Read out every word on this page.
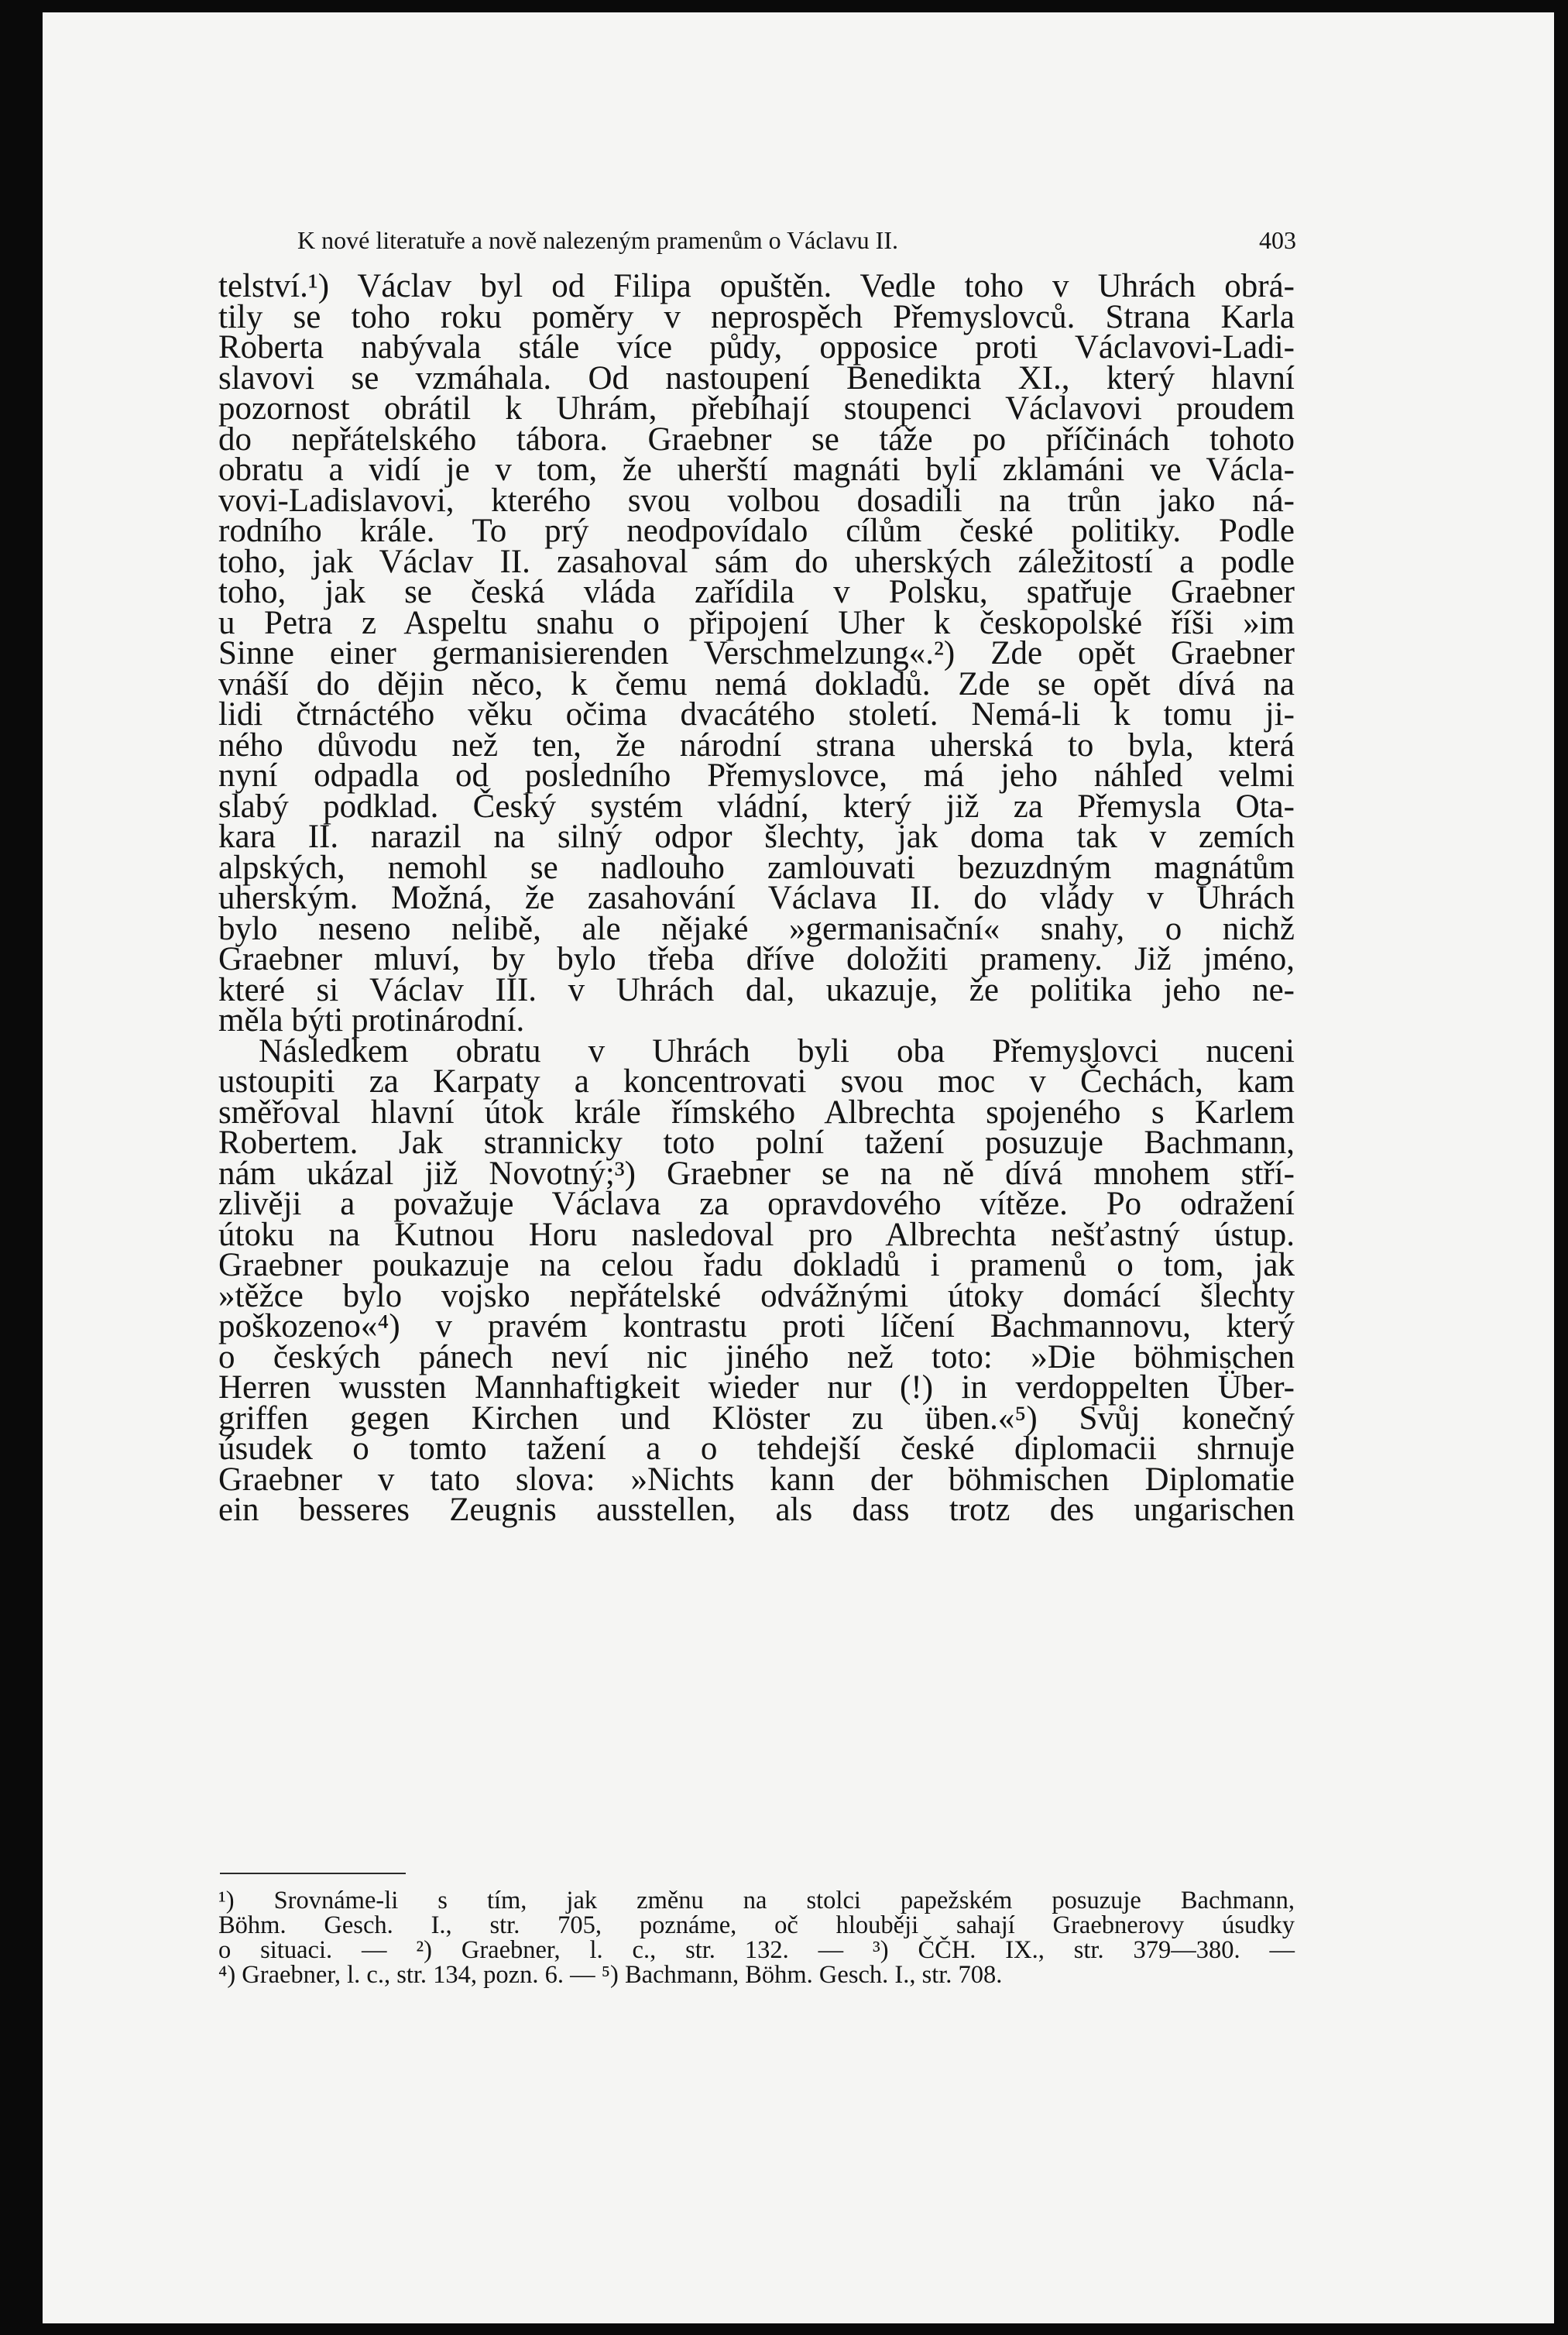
K nové literatuře a nově nalezeným pramenům o Václavu II.	403
telství.¹) Václav byl od Filipa opuštěn. Vedle toho v Uhrách obrá-
tily se toho roku poměry v neprospěch Přemyslovců. Strana Karla
Roberta nabývala stále více půdy, opposice proti Václavovi-Ladi-
slavovi se vzmáhala. Od nastoupení Benedikta XI., který hlavní
pozornost obrátil k Uhrám, přebíhají stoupenci Václavovi proudem
do nepřátelského tábora. Graebner se táže po příčinách tohoto
obratu a vidí je v tom, že uherští magnáti byli zklamáni ve Václa-
vovi-Ladislavovi, kterého svou volbou dosadili na trůn jako ná-
rodního krále. To prý neodpovídalo cílům české politiky. Podle
toho, jak Václav II. zasahoval sám do uherských záležitostí a podle
toho, jak se česká vláda zařídila v Polsku, spatřuje Graebner
u Petra z Aspeltu snahu o připojení Uher k českopolské říši »im
Sinne einer germanisierenden Verschmelzung«.²) Zde opět Graebner
vnáší do dějin něco, k čemu nemá dokladů. Zde se opět dívá na
lidi čtrnáctého věku očima dvacátého století. Nemá-li k tomu ji-
ného důvodu než ten, že národní strana uherská to byla, která
nyní odpadla od posledního Přemyslovce, má jeho náhled velmi
slabý podklad. Český systém vládní, který již za Přemysla Ota-
kara II. narazil na silný odpor šlechty, jak doma tak v zemích
alpských, nemohl se nadlouho zamlouvati bezuzdným magnátům
uherským. Možná, že zasahování Václava II. do vlády v Uhrách
bylo neseno nelibě, ale nějaké »germanisační« snahy, o nichž
Graebner mluví, by bylo třeba dříve doložiti prameny. Již jméno,
které si Václav III. v Uhrách dal, ukazuje, že politika jeho ne-
měla býti protinárodní.
Následkem obratu v Uhrách byli oba Přemyslovci nuceni
ustoupiti za Karpaty a koncentrovati svou moc v Čechách, kam
směřoval hlavní útok krále římského Albrechta spojeného s Karlem
Robertem. Jak strannicky toto polní tažení posuzuje Bachmann,
nám ukázal již Novotný;³) Graebner se na ně dívá mnohem stří-
zlivěji a považuje Václava za opravdového vítěze. Po odražení
útoku na Kutnou Horu nasledoval pro Albrechta nešťastný ústup.
Graebner poukazuje na celou řadu dokladů i pramenů o tom, jak
»těžce bylo vojsko nepřátelské odvážnými útoky domácí šlechty
poškozeno«⁴) v pravém kontrastu proti líčení Bachmannovu, který
o českých pánech neví nic jiného než toto: »Die böhmischen
Herren wussten Mannhaftigkeit wieder nur (!) in verdoppelten Über-
griffen gegen Kirchen und Klöster zu üben.«⁵) Svůj konečný
úsudek o tomto tažení a o tehdejší české diplomacii shrnuje
Graebner v tato slova: »Nichts kann der böhmischen Diplomatie
ein besseres Zeugnis ausstellen, als dass trotz des ungarischen
¹) Srovnáme-li s tím, jak změnu na stolci papežském posuzuje Bachmann,
Böhm. Gesch. I., str. 705, poznáme, oč hlouběji sahají Graebnerovy úsudky
o situaci. — ²) Graebner, l. c., str. 132. — ³) ČČH. IX., str. 379—380. —
⁴) Graebner, l. c., str. 134, pozn. 6. — ⁵) Bachmann, Böhm. Gesch. I., str. 708.
